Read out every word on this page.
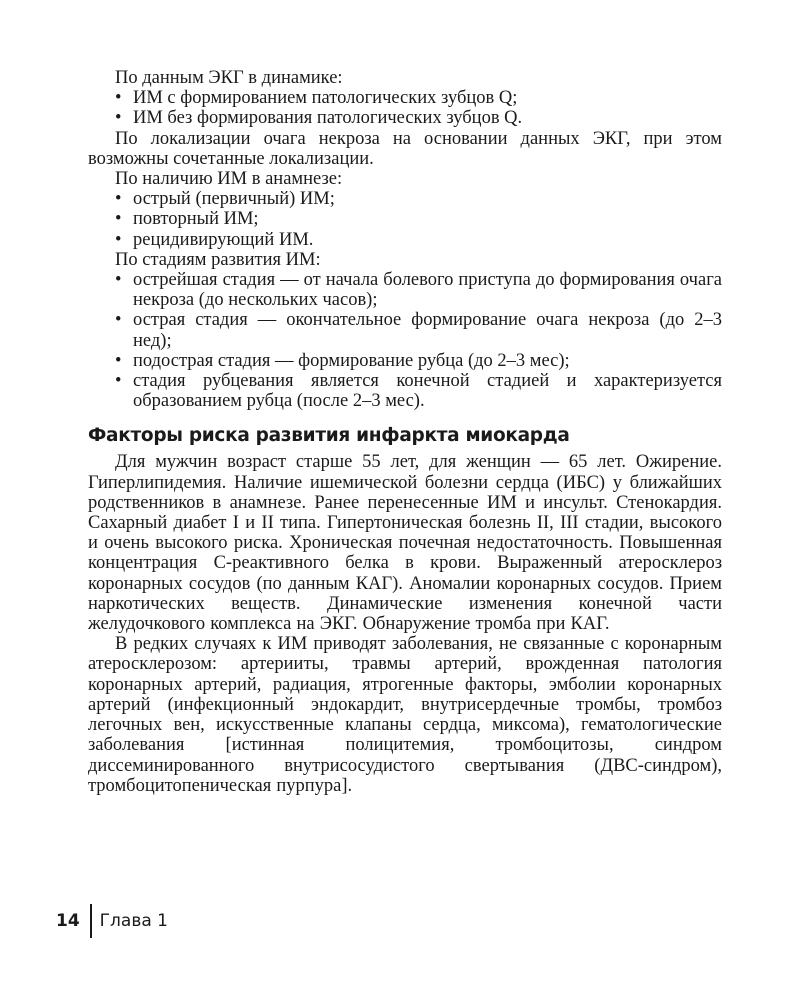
По данным ЭКГ в динамике:

• ИМ с формированием патологических зубцов Q;
• ИМ без формирования патологических зубцов Q.

По локализации очага некроза на основании данных ЭКГ, при этом возможны сочетанные локализации.

По наличию ИМ в анамнезе:

• острый (первичный) ИМ;
• повторный ИМ;
• рецидивирующий ИМ.

По стадиям развития ИМ:

• острейшая стадия — от начала болевого приступа до формирования очага некроза (до нескольких часов);
• острая стадия — окончательное формирование очага некроза (до 2–3 нед);
• подострая стадия — формирование рубца (до 2–3 мес);
• стадия рубцевания является конечной стадией и характеризуется образованием рубца (после 2–3 мес).
Факторы риска развития инфаркта миокарда

Для мужчин возраст старше 55 лет, для женщин — 65 лет. Ожирение. Гиперлипидемия. Наличие ишемической болезни сердца (ИБС) у ближайших родственников в анамнезе. Ранее перенесенные ИМ и инсульт. Стенокардия. Сахарный диабет I и II типа. Гипертоническая болезнь II, III стадии, высокого и очень высокого риска. Хроническая почечная недостаточность. Повышенная концентрация С-реактивного белка в крови. Выраженный атеросклероз коронарных сосудов (по данным КАГ). Аномалии коронарных сосудов. Прием наркотических веществ. Динамические изменения конечной части желудочкового комплекса на ЭКГ. Обнаружение тромба при КАГ.

В редких случаях к ИМ приводят заболевания, не связанные с коронарным атеросклерозом: артерииты, травмы артерий, врожденная патология коронарных артерий, радиация, ятрогенные факторы, эмболии коронарных артерий (инфекционный эндокардит, внутрисердечные тромбы, тромбоз легочных вен, искусственные клапаны сердца, миксома), гематологические заболевания [истинная полицитемия, тромбоцитозы, синдром диссеминированного внутрисосудистого свертывания (ДВС-синдром), тромбоцитопеническая пурпура].

14 Глава 1
